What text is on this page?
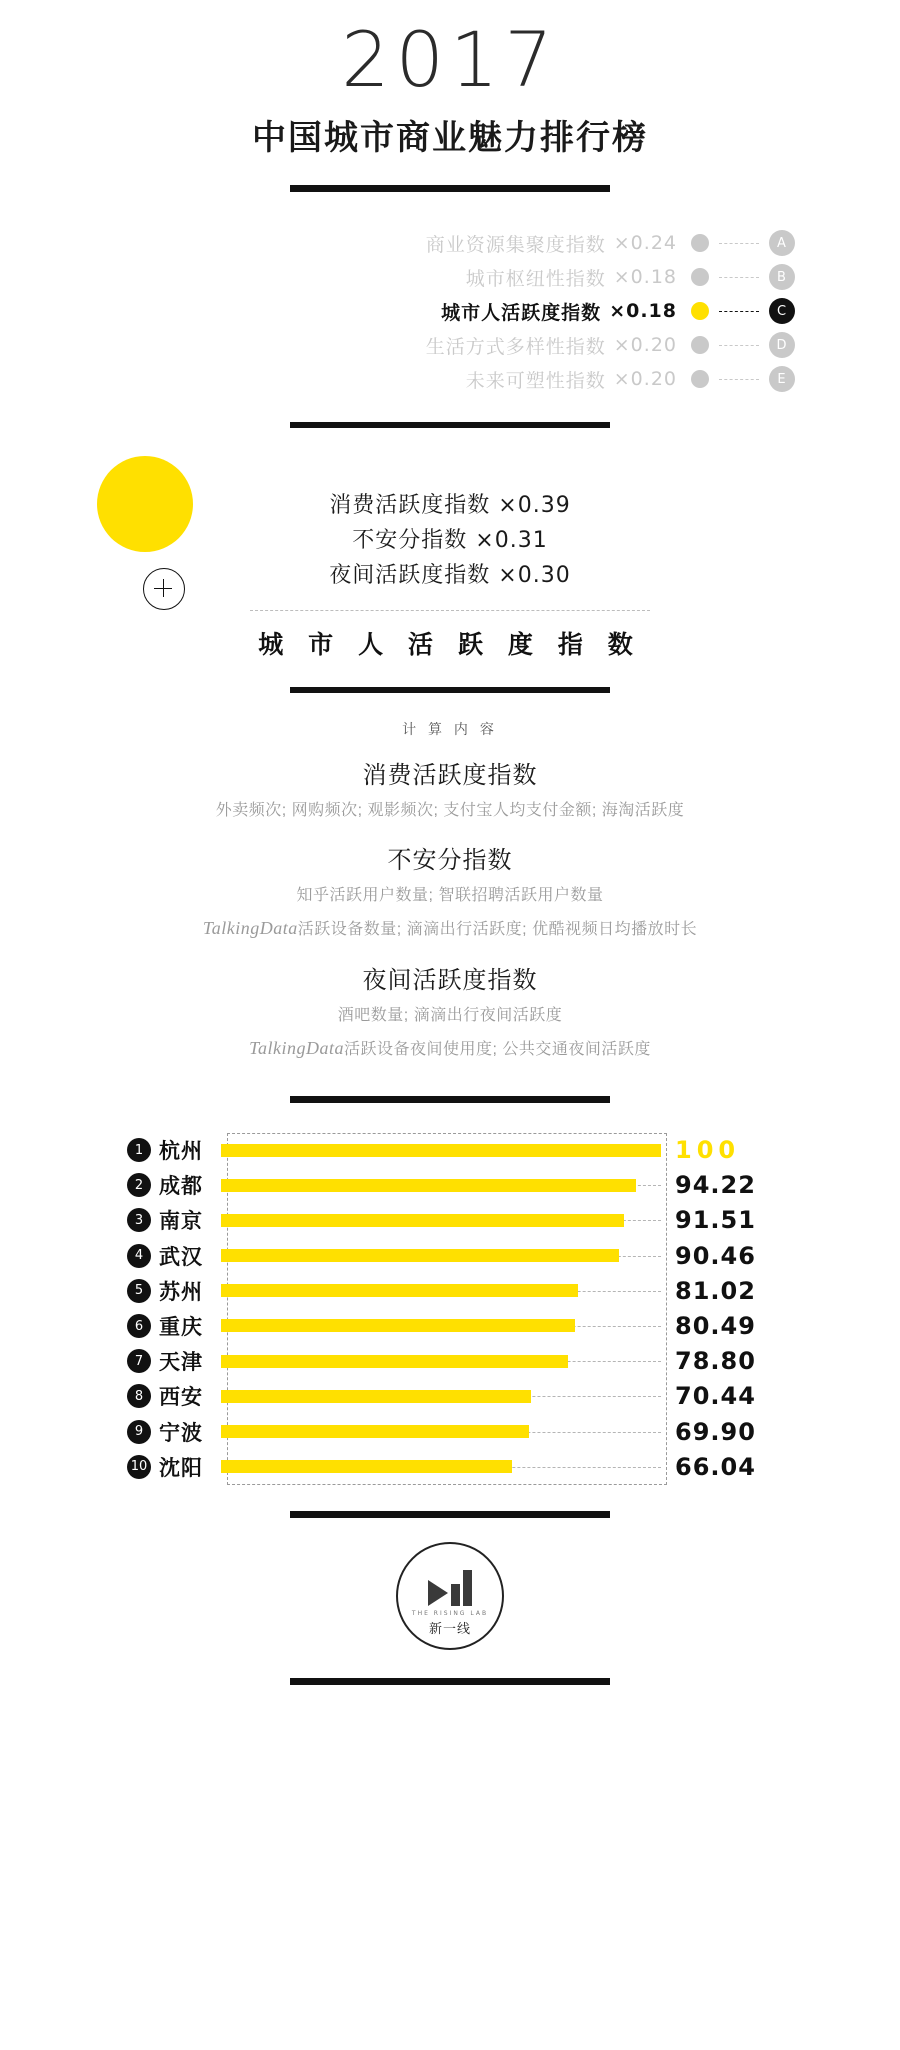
2017
中国城市商业魅力排行榜
商业资源集聚度指数 ×0.24	A
城市枢纽性指数 ×0.18	B
城市人活跃度指数 ×0.18	C
生活方式多样性指数 ×0.20	D
未来可塑性指数 ×0.20	E
消费活跃度指数 ×0.39
不安分指数 ×0.31
夜间活跃度指数 ×0.30
城 市 人 活 跃 度 指 数
计 算 内 容
消费活跃度指数
外卖频次; 网购频次; 观影频次; 支付宝人均支付金额; 海淘活跃度
不安分指数
知乎活跃用户数量; 智联招聘活跃用户数量
TalkingData活跃设备数量; 滴滴出行活跃度; 优酷视频日均播放时长
夜间活跃度指数
酒吧数量; 滴滴出行夜间活跃度
TalkingData活跃设备夜间使用度; 公共交通夜间活跃度
1 杭州	100
2 成都	94.22
3 南京	91.51
4 武汉	90.46
5 苏州	81.02
6 重庆	80.49
7 天津	78.80
8 西安	70.44
9 宁波	69.90
10 沈阳	66.04
THE RISING LAB
新一线
